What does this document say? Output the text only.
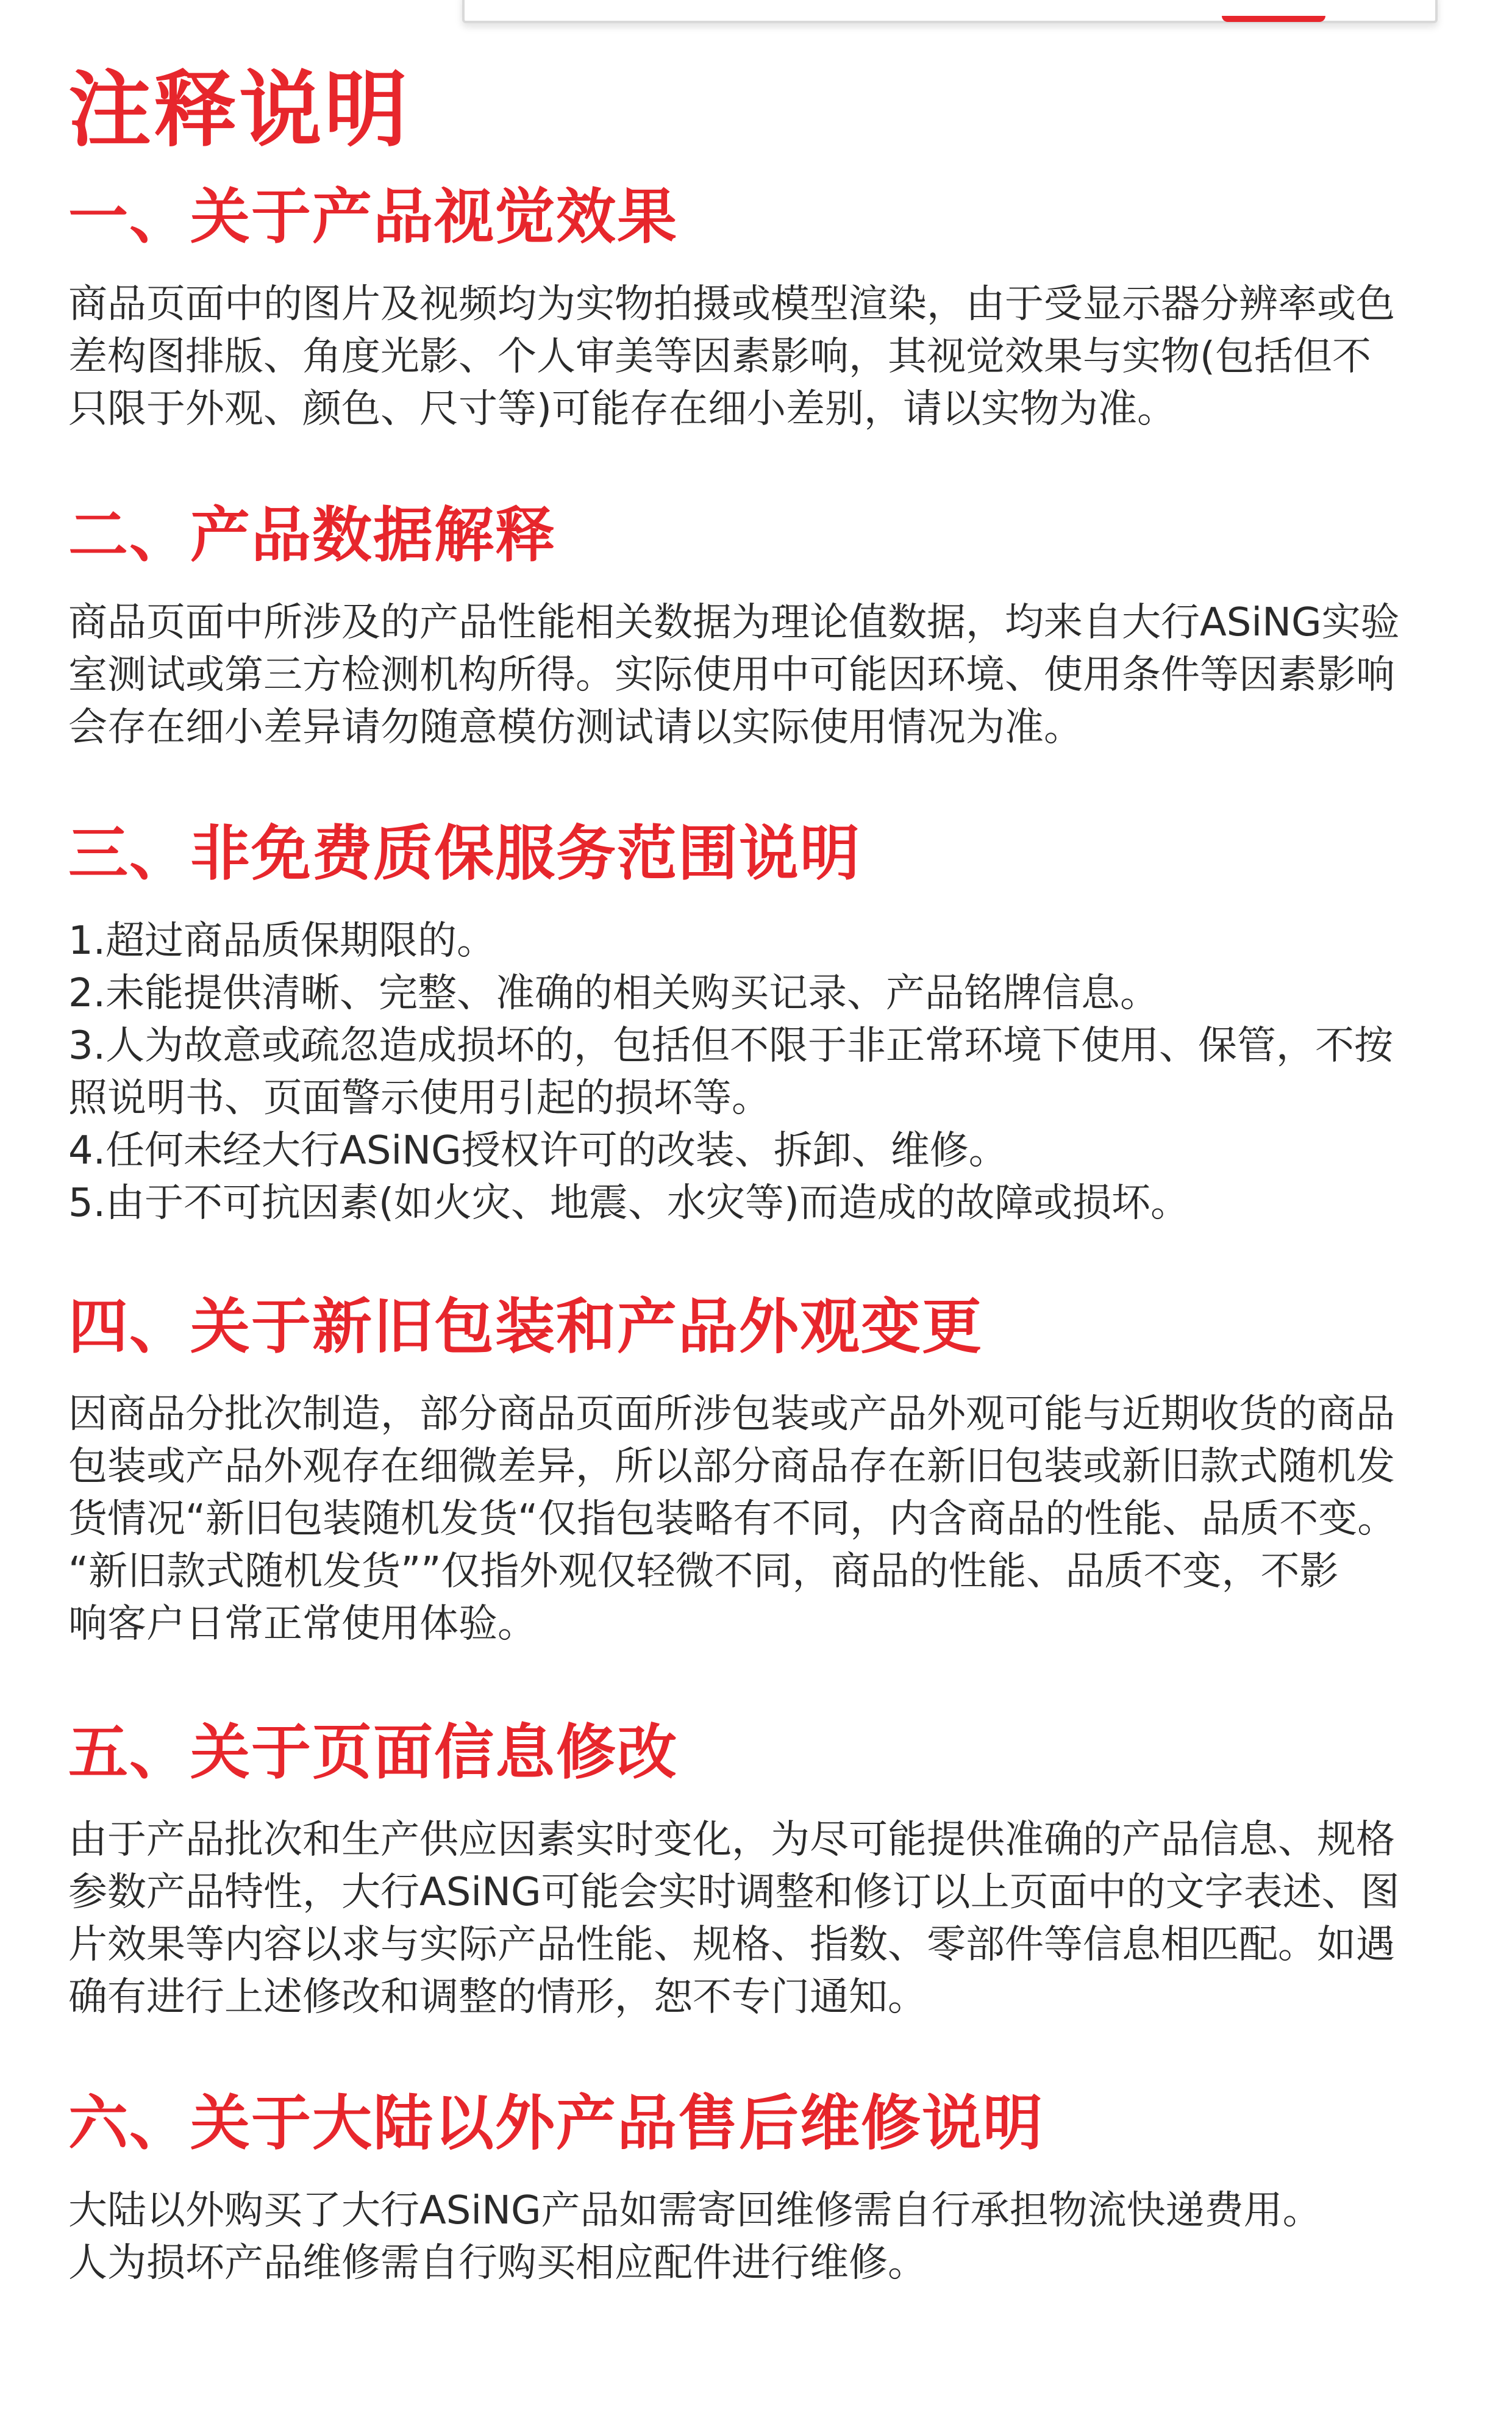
注释说明
一、关于产品视觉效果

商品页面中的图片及视频均为实物拍摄或模型渲染，由于受显示器分辨率或色

差构图排版、角度光影、个人审美等因素影响，其视觉效果与实物(包括但不

只限于外观、颜色、尺寸等)可能存在细小差别，请以实物为准。

二、产品数据解释

商品页面中所涉及的产品性能相关数据为理论值数据，均来自大行ASiNG实验

室测试或第三方检测机构所得。实际使用中可能因环境、使用条件等因素影响

会存在细小差异请勿随意模仿测试请以实际使用情况为准。

三、非免费质保服务范围说明

1.超过商品质保期限的。

2.未能提供清晰、完整、准确的相关购买记录、产品铭牌信息。

3.人为故意或疏忽造成损坏的，包括但不限于非正常环境下使用、保管，不按

照说明书、页面警示使用引起的损坏等。

4.任何未经大行ASiNG授权许可的改装、拆卸、维修。

5.由于不可抗因素(如火灾、地震、水灾等)而造成的故障或损坏。

四、关于新旧包装和产品外观变更

因商品分批次制造，部分商品页面所涉包装或产品外观可能与近期收货的商品

包装或产品外观存在细微差异，所以部分商品存在新旧包装或新旧款式随机发

货情况“新旧包装随机发货“仅指包装略有不同，内含商品的性能、品质不变。

“新旧款式随机发货””仅指外观仅轻微不同，商品的性能、品质不变，不影

响客户日常正常使用体验。

五、关于页面信息修改

由于产品批次和生产供应因素实时变化，为尽可能提供准确的产品信息、规格

参数产品特性，大行ASiNG可能会实时调整和修订以上页面中的文字表述、图

片效果等内容以求与实际产品性能、规格、指数、零部件等信息相匹配。如遇

确有进行上述修改和调整的情形，恕不专门通知。

六、关于大陆以外产品售后维修说明

大陆以外购买了大行ASiNG产品如需寄回维修需自行承担物流快递费用。

人为损坏产品维修需自行购买相应配件进行维修。
